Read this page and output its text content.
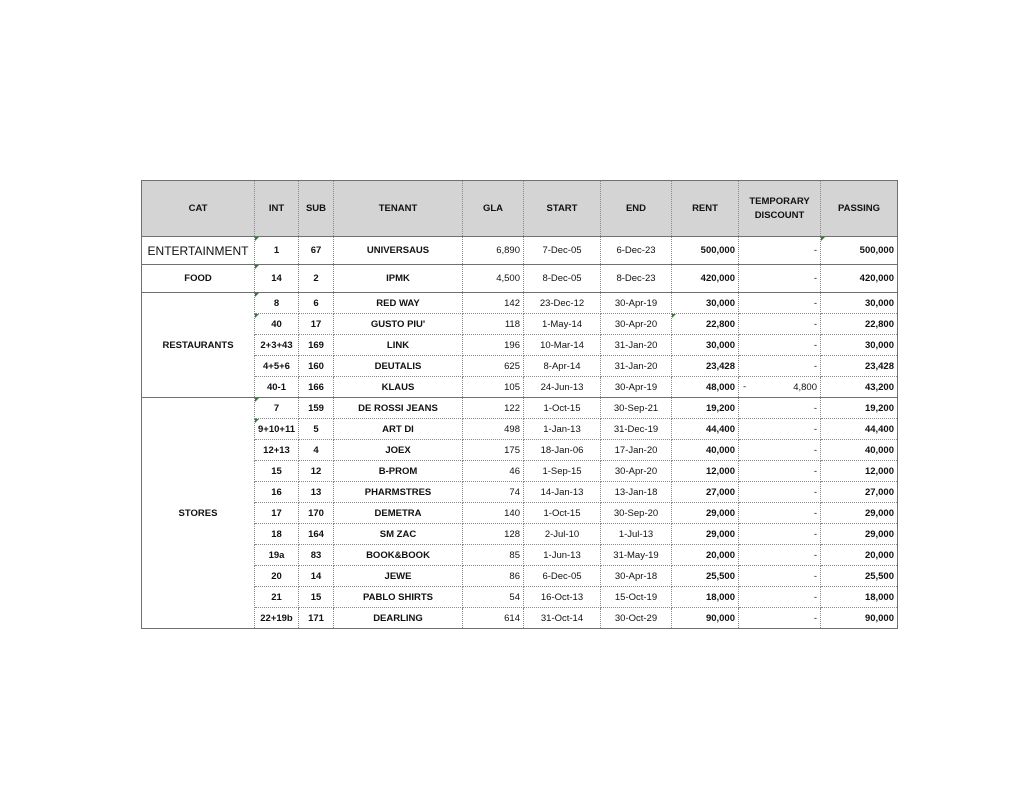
CAT	INT	SUB	TENANT	GLA	START	END	RENT	TEMPORARY DISCOUNT	PASSING
ENTERTAINMENT	1	67	UNIVERSAUS	6,890	7-Dec-05	6-Dec-23	500,000	-	500,000
FOOD	14	2	IPMK	4,500	8-Dec-05	8-Dec-23	420,000	-	420,000
RESTAURANTS	8	6	RED WAY	142	23-Dec-12	30-Apr-19	30,000	-	30,000
	40	17	GUSTO PIU'	118	1-May-14	30-Apr-20	22,800	-	22,800
	2+3+43	169	LINK	196	10-Mar-14	31-Jan-20	30,000	-	30,000
	4+5+6	160	DEUTALIS	625	8-Apr-14	31-Jan-20	23,428	-	23,428
	40-1	166	KLAUS	105	24-Jun-13	30-Apr-19	48,000	- 4,800	43,200
STORES	7	159	DE ROSSI JEANS	122	1-Oct-15	30-Sep-21	19,200	-	19,200
	9+10+11	5	ART DI	498	1-Jan-13	31-Dec-19	44,400	-	44,400
	12+13	4	JOEX	175	18-Jan-06	17-Jan-20	40,000	-	40,000
	15	12	B-PROM	46	1-Sep-15	30-Apr-20	12,000	-	12,000
	16	13	PHARMSTRES	74	14-Jan-13	13-Jan-18	27,000	-	27,000
	17	170	DEMETRA	140	1-Oct-15	30-Sep-20	29,000	-	29,000
	18	164	SM ZAC	128	2-Jul-10	1-Jul-13	29,000	-	29,000
	19a	83	BOOK&BOOK	85	1-Jun-13	31-May-19	20,000	-	20,000
	20	14	JEWE	86	6-Dec-05	30-Apr-18	25,500	-	25,500
	21	15	PABLO SHIRTS	54	16-Oct-13	15-Oct-19	18,000	-	18,000
	22+19b	171	DEARLING	614	31-Oct-14	30-Oct-29	90,000	-	90,000
